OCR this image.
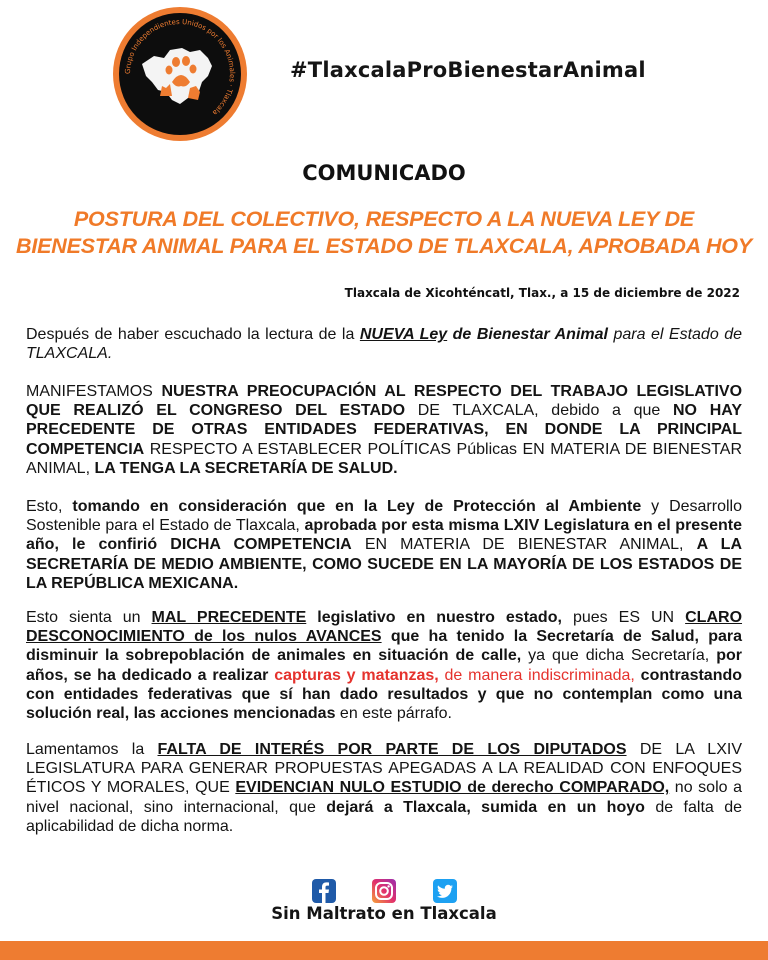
Grupo Independientes Unidos por los Animales · Tlaxcala
#TlaxcalaProBienestarAnimal
COMUNICADO
POSTURA DEL COLECTIVO, RESPECTO A LA NUEVA LEY DE
BIENESTAR ANIMAL PARA EL ESTADO DE TLAXCALA, APROBADA HOY
Tlaxcala de Xicohténcatl, Tlax., a 15 de diciembre de 2022
Después de haber escuchado la lectura de la NUEVA Ley de Bienestar Animal para el Estado de TLAXCALA.
MANIFESTAMOS NUESTRA PREOCUPACIÓN AL RESPECTO DEL TRABAJO LEGISLATIVO QUE REALIZÓ EL CONGRESO DEL ESTADO DE TLAXCALA, debido a que NO HAY PRECEDENTE DE OTRAS ENTIDADES FEDERATIVAS, EN DONDE LA PRINCIPAL COMPETENCIA RESPECTO A ESTABLECER POLÍTICAS Públicas EN MATERIA DE BIENESTAR ANIMAL, LA TENGA LA SECRETARÍA DE SALUD.
Esto, tomando en consideración que en la Ley de Protección al Ambiente y Desarrollo Sostenible para el Estado de Tlaxcala, aprobada por esta misma LXIV Legislatura en el presente año, le confirió DICHA COMPETENCIA EN MATERIA DE BIENESTAR ANIMAL, A LA SECRETARÍA DE MEDIO AMBIENTE, COMO SUCEDE EN LA MAYORÍA DE LOS ESTADOS DE LA REPÚBLICA MEXICANA.
Esto sienta un MAL PRECEDENTE legislativo en nuestro estado, pues ES UN CLARO DESCONOCIMIENTO de los nulos AVANCES que ha tenido la Secretaría de Salud, para disminuir la sobrepoblación de animales en situación de calle, ya que dicha Secretaría, por años, se ha dedicado a realizar capturas y matanzas, de manera indiscriminada, contrastando con entidades federativas que sí han dado resultados y que no contemplan como una solución real, las acciones mencionadas en este párrafo.
Lamentamos la FALTA DE INTERÉS POR PARTE DE LOS DIPUTADOS DE LA LXIV LEGISLATURA PARA GENERAR PROPUESTAS APEGADAS A LA REALIDAD CON ENFOQUES ÉTICOS Y MORALES, QUE EVIDENCIAN NULO ESTUDIO de derecho COMPARADO, no solo a nivel nacional, sino internacional, que dejará a Tlaxcala, sumida en un hoyo de falta de aplicabilidad de dicha norma.
Sin Maltrato en Tlaxcala
